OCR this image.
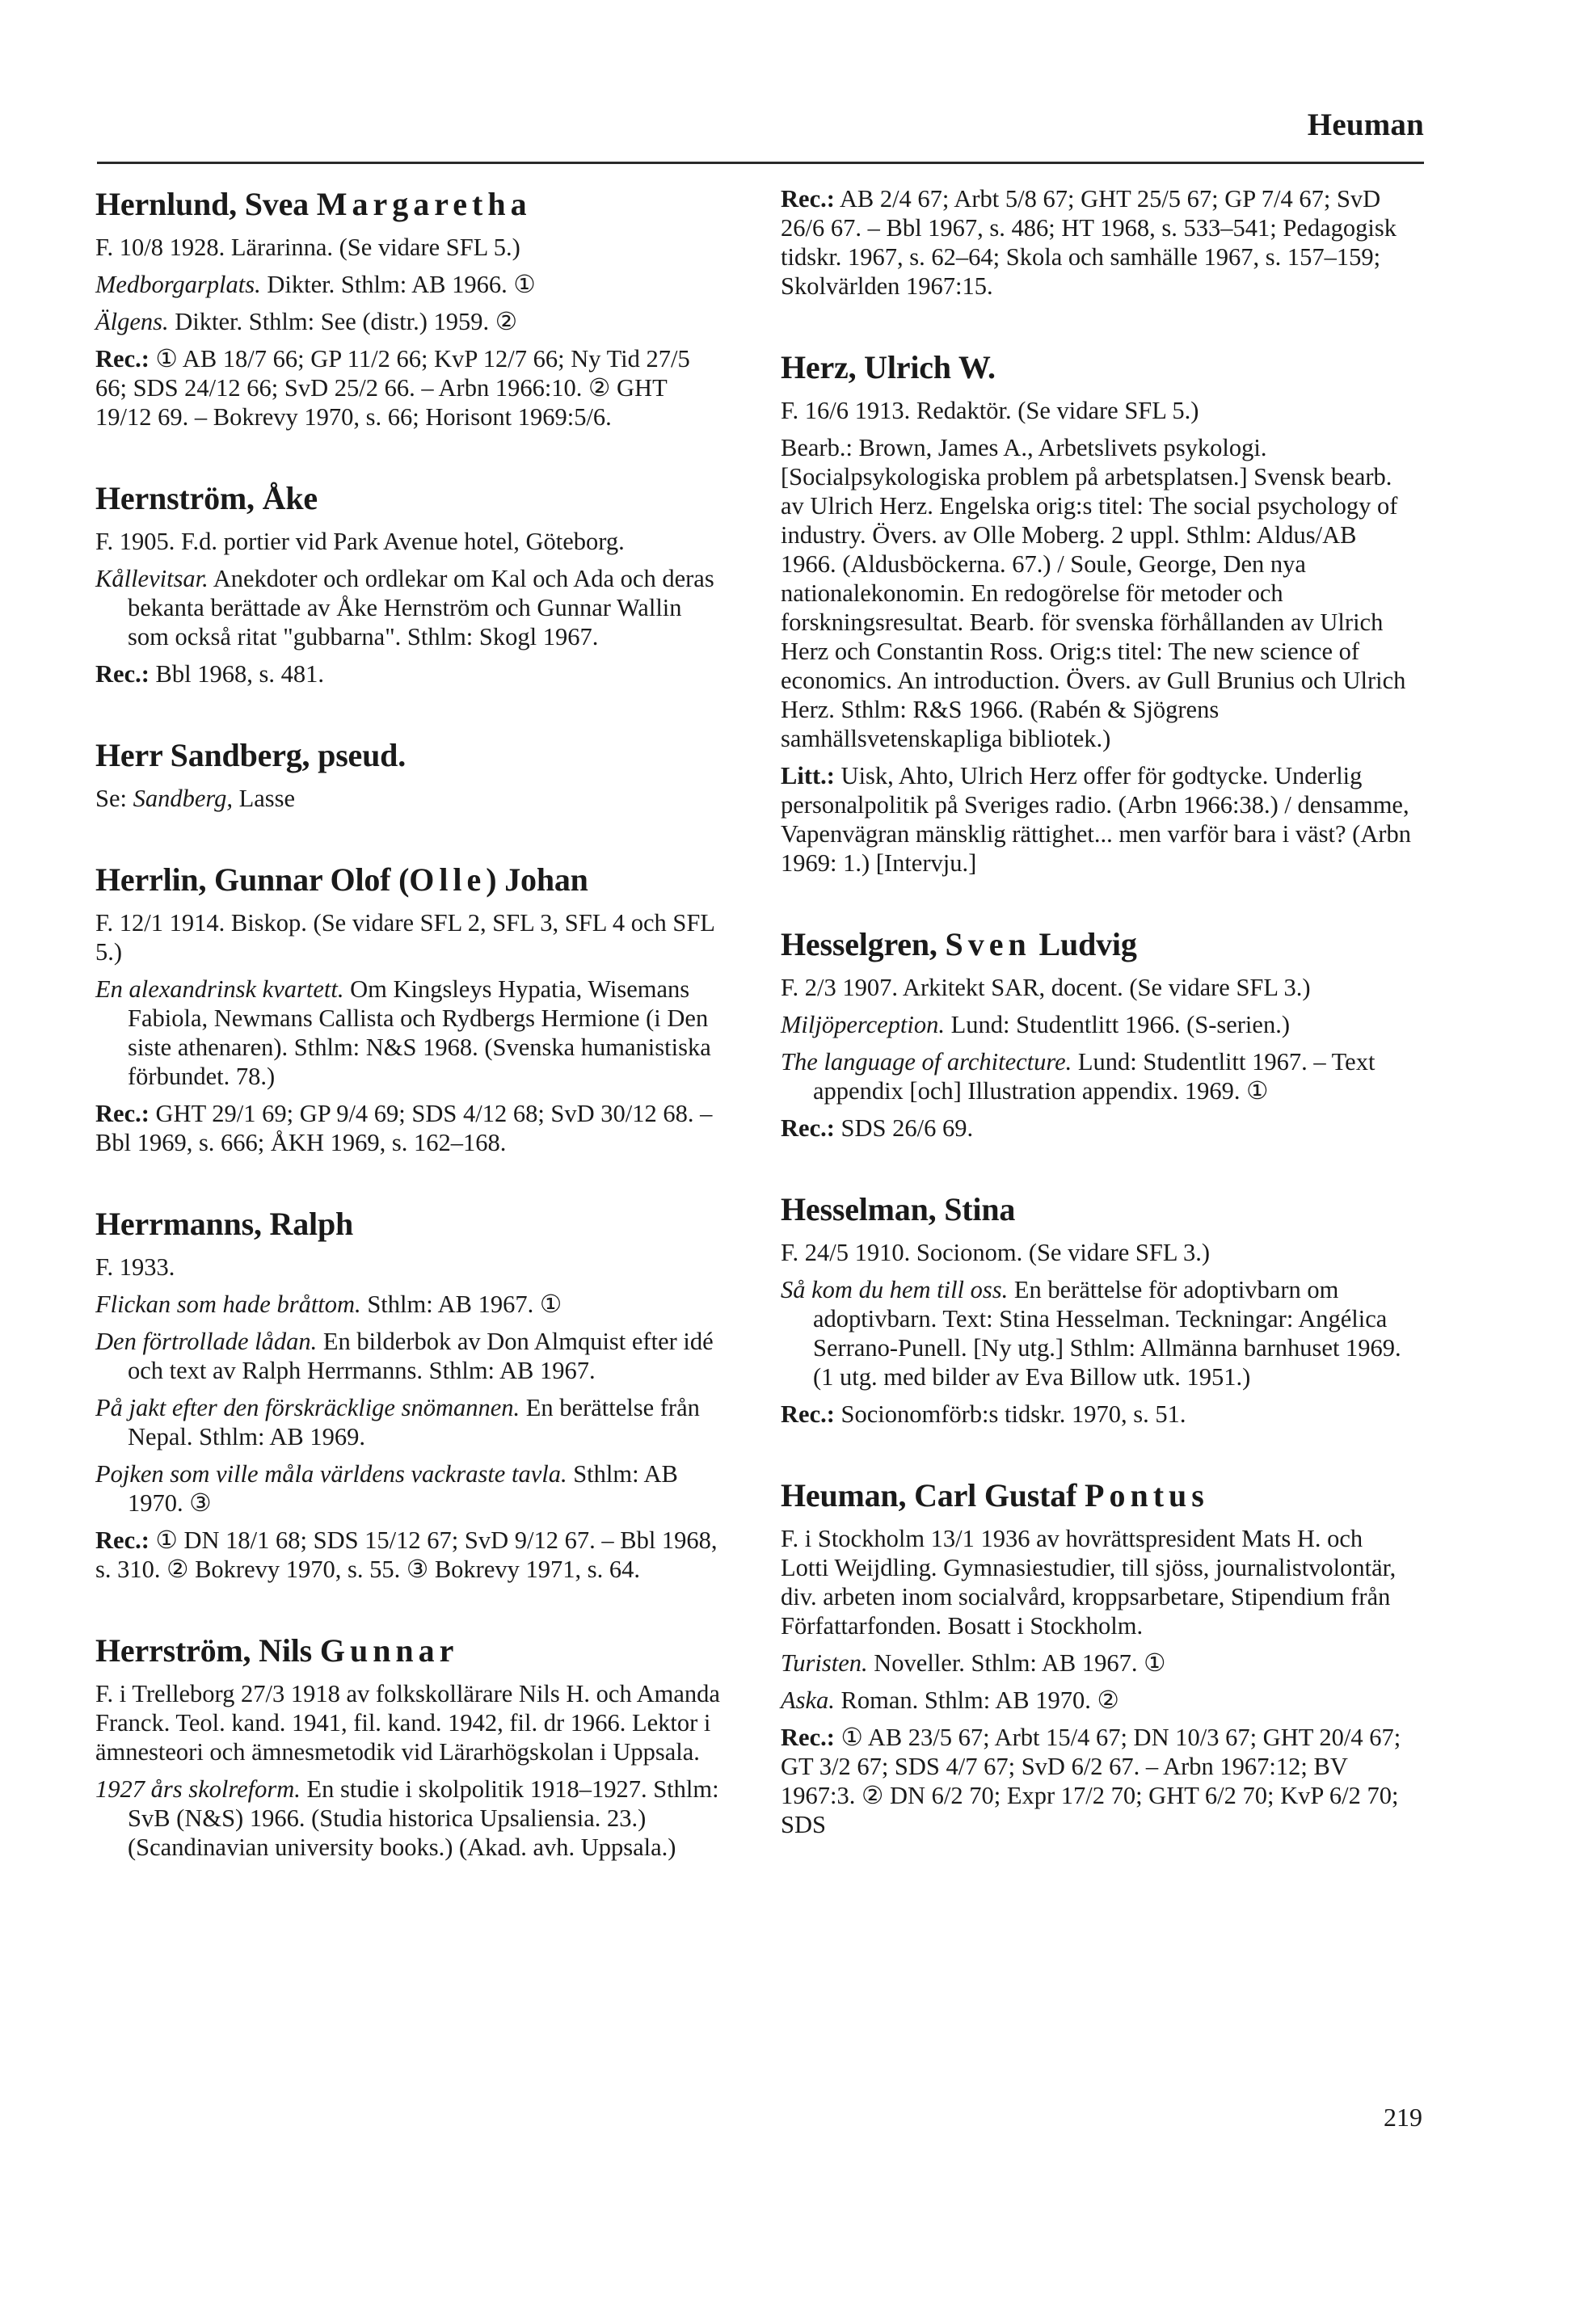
Heuman
Hernlund, Svea Margaretha
F. 10/8 1928. Lärarinna. (Se vidare SFL 5.)
Medborgarplats. Dikter. Sthlm: AB 1966. ①
Älgens. Dikter. Sthlm: See (distr.) 1959. ②
Rec.: ① AB 18/7 66; GP 11/2 66; KvP 12/7 66; Ny Tid 27/5 66; SDS 24/12 66; SvD 25/2 66. – Arbn 1966:10. ② GHT 19/12 69. – Bokrevy 1970, s. 66; Horisont 1969:5/6.
Hernström, Åke
F. 1905. F.d. portier vid Park Avenue hotel, Göteborg.
Kållevitsar. Anekdoter och ordlekar om Kal och Ada och deras bekanta berättade av Åke Hernström och Gunnar Wallin som också ritat "gubbarna". Sthlm: Skogl 1967.
Rec.: Bbl 1968, s. 481.
Herr Sandberg, pseud.
Se: Sandberg, Lasse
Herrlin, Gunnar Olof (Olle) Johan
F. 12/1 1914. Biskop. (Se vidare SFL 2, SFL 3, SFL 4 och SFL 5.)
En alexandrinsk kvartett. Om Kingsleys Hypatia, Wisemans Fabiola, Newmans Callista och Rydbergs Hermione (i Den siste athenaren). Sthlm: N&S 1968. (Svenska humanistiska förbundet. 78.)
Rec.: GHT 29/1 69; GP 9/4 69; SDS 4/12 68; SvD 30/12 68. – Bbl 1969, s. 666; ÅKH 1969, s. 162–168.
Herrmanns, Ralph
F. 1933.
Flickan som hade bråttom. Sthlm: AB 1967. ①
Den förtrollade lådan. En bilderbok av Don Almquist efter idé och text av Ralph Herrmanns. Sthlm: AB 1967.
På jakt efter den förskräcklige snömannen. En berättelse från Nepal. Sthlm: AB 1969.
Pojken som ville måla världens vackraste tavla. Sthlm: AB 1970. ③
Rec.: ① DN 18/1 68; SDS 15/12 67; SvD 9/12 67. – Bbl 1968, s. 310. ② Bokrevy 1970, s. 55. ③ Bokrevy 1971, s. 64.
Herrström, Nils Gunnar
F. i Trelleborg 27/3 1918 av folkskollärare Nils H. och Amanda Franck. Teol. kand. 1941, fil. kand. 1942, fil. dr 1966. Lektor i ämnesteori och ämnesmetodik vid Lärarhögskolan i Uppsala.
1927 års skolreform. En studie i skolpolitik 1918–1927. Sthlm: SvB (N&S) 1966. (Studia historica Upsaliensia. 23.) (Scandinavian university books.) (Akad. avh. Uppsala.)
Rec.: AB 2/4 67; Arbt 5/8 67; GHT 25/5 67; GP 7/4 67; SvD 26/6 67. – Bbl 1967, s. 486; HT 1968, s. 533–541; Pedagogisk tidskr. 1967, s. 62–64; Skola och samhälle 1967, s. 157–159; Skolvärlden 1967:15.
Herz, Ulrich W.
F. 16/6 1913. Redaktör. (Se vidare SFL 5.)
Bearb.: Brown, James A., Arbetslivets psykologi. [Socialpsykologiska problem på arbetsplatsen.] Svensk bearb. av Ulrich Herz. Engelska orig:s titel: The social psychology of industry. Övers. av Olle Moberg. 2 uppl. Sthlm: Aldus/AB 1966. (Aldusböckerna. 67.) / Soule, George, Den nya nationalekonomin. En redogörelse för metoder och forskningsresultat. Bearb. för svenska förhållanden av Ulrich Herz och Constantin Ross. Orig:s titel: The new science of economics. An introduction. Övers. av Gull Brunius och Ulrich Herz. Sthlm: R&S 1966. (Rabén & Sjögrens samhällsvetenskapliga bibliotek.)
Litt.: Uisk, Ahto, Ulrich Herz offer för godtycke. Underlig personalpolitik på Sveriges radio. (Arbn 1966:38.) / densamme, Vapenvägran mänsklig rättighet... men varför bara i väst? (Arbn 1969: 1.) [Intervju.]
Hesselgren, Sven Ludvig
F. 2/3 1907. Arkitekt SAR, docent. (Se vidare SFL 3.)
Miljöperception. Lund: Studentlitt 1966. (S-serien.)
The language of architecture. Lund: Studentlitt 1967. – Text appendix [och] Illustration appendix. 1969. ①
Rec.: SDS 26/6 69.
Hesselman, Stina
F. 24/5 1910. Socionom. (Se vidare SFL 3.)
Så kom du hem till oss. En berättelse för adoptivbarn om adoptivbarn. Text: Stina Hesselman. Teckningar: Angélica Serrano-Punell. [Ny utg.] Sthlm: Allmänna barnhuset 1969. (1 utg. med bilder av Eva Billow utk. 1951.)
Rec.: Socionomförb:s tidskr. 1970, s. 51.
Heuman, Carl Gustaf Pontus
F. i Stockholm 13/1 1936 av hovrättspresident Mats H. och Lotti Weijdling. Gymnasiestudier, till sjöss, journalistvolontär, div. arbeten inom socialvård, kroppsarbetare, Stipendium från Författarfonden. Bosatt i Stockholm.
Turisten. Noveller. Sthlm: AB 1967. ①
Aska. Roman. Sthlm: AB 1970. ②
Rec.: ① AB 23/5 67; Arbt 15/4 67; DN 10/3 67; GHT 20/4 67; GT 3/2 67; SDS 4/7 67; SvD 6/2 67. – Arbn 1967:12; BV 1967:3. ② DN 6/2 70; Expr 17/2 70; GHT 6/2 70; KvP 6/2 70; SDS
219
